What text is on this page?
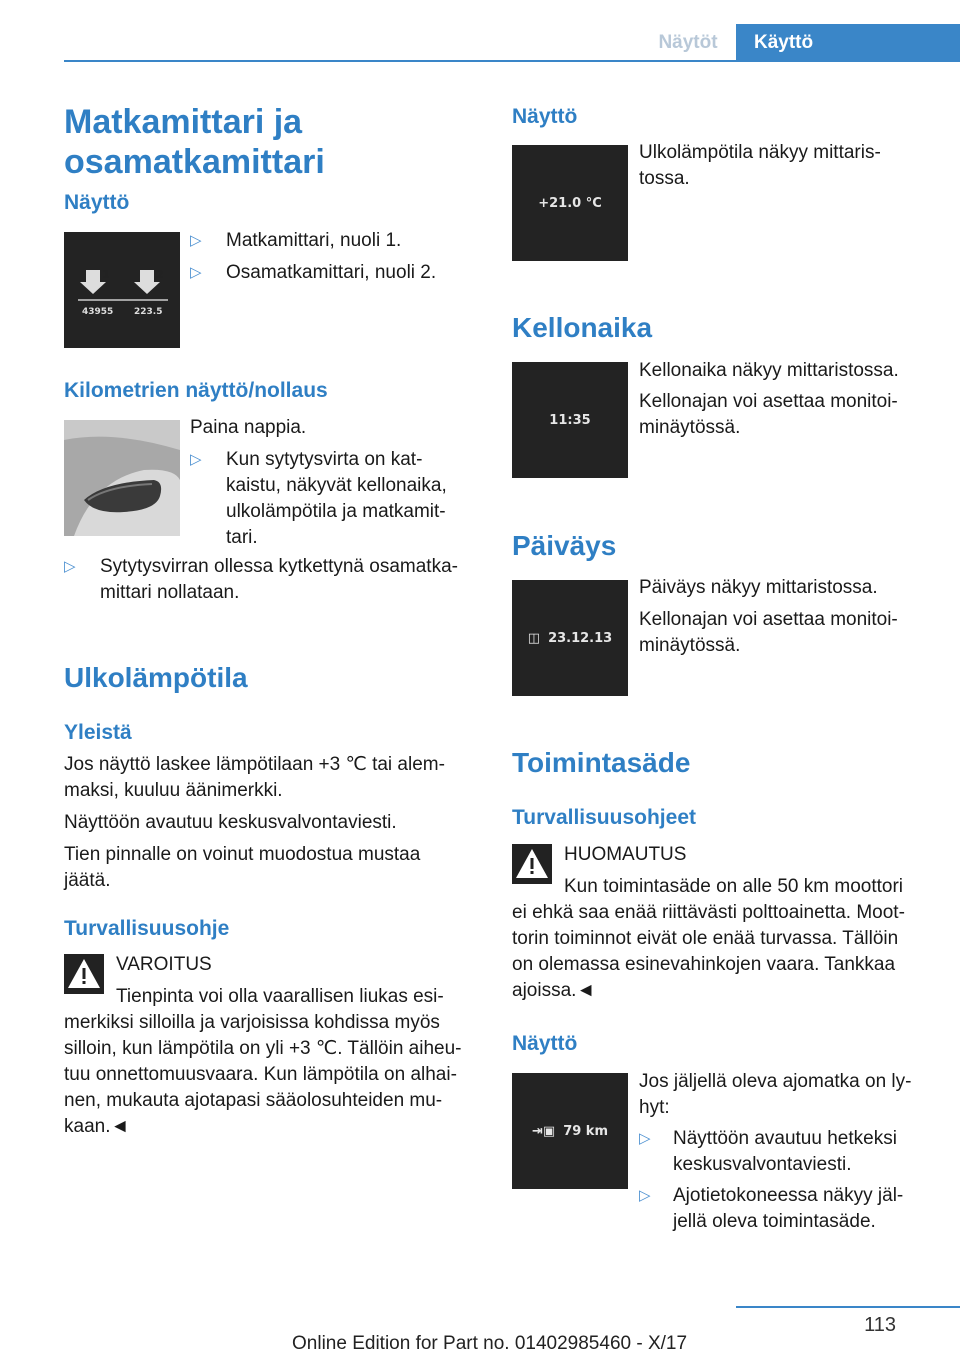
Näytöt	Käyttö
Matkamittari ja
osamatkamittari
Näyttö
1	2
43955 223.5
▷	Matkamittari, nuoli 1.
▷	Osamatkamittari, nuoli 2.
Kilometrien näyttö/nollaus
Paina nappia.
▷ Kun sytytysvirta on kat-
kaistu, näkyvät kellonaika,
ulkolämpötila ja matkamit-
tari.
▷ Sytytysvirran ollessa kytkettynä osamatka-
mittari nollataan.
Ulkolämpötila
Yleistä
Jos näyttö laskee lämpötilaan +3 ℃ tai alem-
maksi, kuuluu äänimerkki.
Näyttöön avautuu keskusvalvontaviesti.
Tien pinnalle on voinut muodostua mustaa
jäätä.
Turvallisuusohje
VAROITUS
Tienpinta voi olla vaarallisen liukas esi-
merkiksi silloilla ja varjoisissa kohdissa myös
silloin, kun lämpötila on yli +3 ℃. Tällöin aiheu-
tuu onnettomuusvaara. Kun lämpötila on alhai-
nen, mukauta ajotapasi sääolosuhteiden mu-
kaan.◄
Näyttö
+21.0 °C
Ulkolämpötila näkyy mittaris-
tossa.
Kellonaika
11:35
Kellonaika näkyy mittaristossa.
Kellonajan voi asettaa monitoi-
minäytössä.
Päiväys
◫ 23.12.13
Päiväys näkyy mittaristossa.
Kellonajan voi asettaa monitoi-
minäytössä.
Toimintasäde
Turvallisuusohjeet
HUOMAUTUS
Kun toimintasäde on alle 50 km moottori
ei ehkä saa enää riittävästi polttoainetta. Moot-
torin toiminnot eivät ole enää turvassa. Tällöin
on olemassa esinevahinkojen vaara. Tankkaa
ajoissa.◄
Näyttö
⇥▣ 79 km
Jos jäljellä oleva ajomatka on ly-
hyt:
▷ Näyttöön avautuu hetkeksi
keskusvalvontaviesti.
▷ Ajotietokoneessa näkyy jäl-
jellä oleva toimintasäde.
113
Online Edition for Part no. 01402985460 - X/17
